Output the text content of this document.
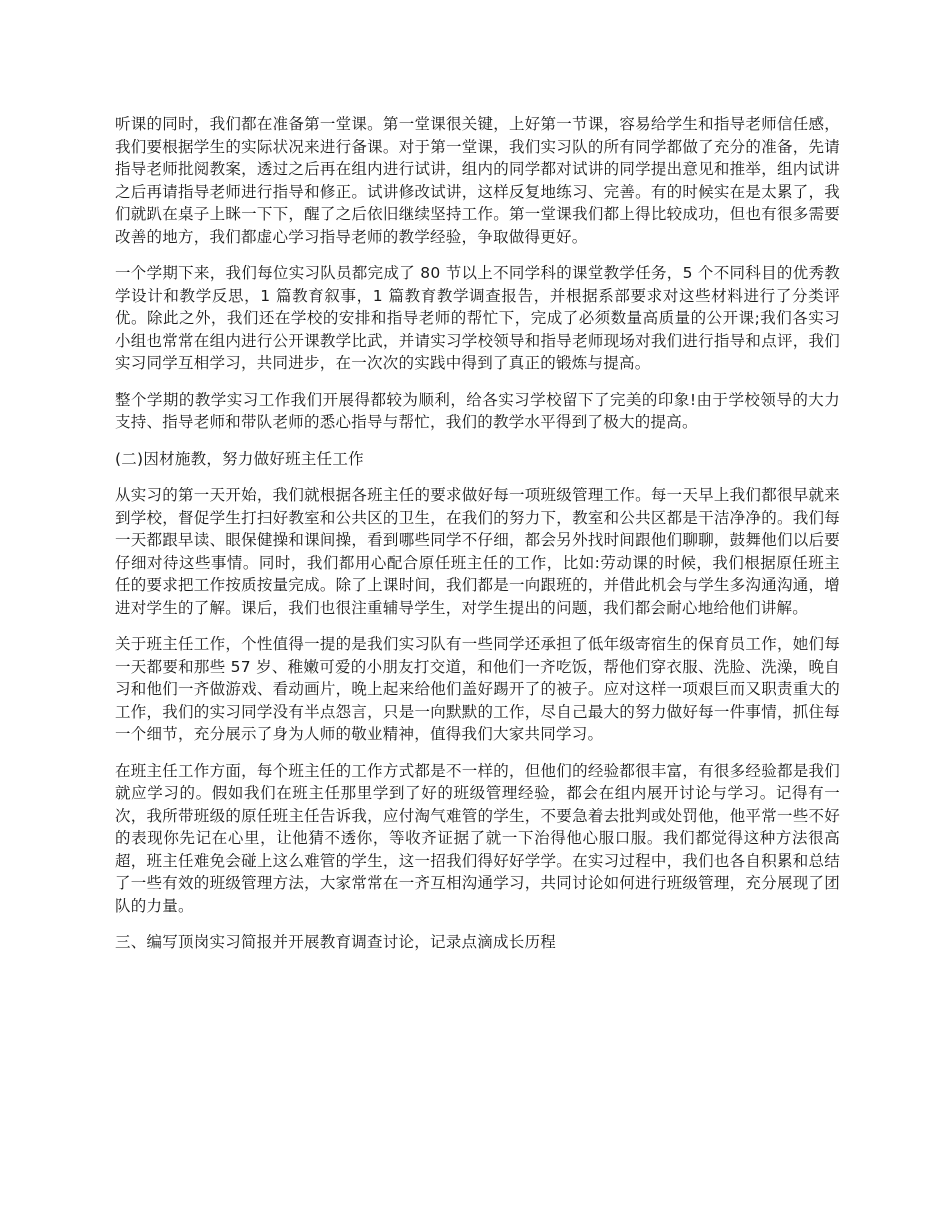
听课的同时，我们都在准备第一堂课。第一堂课很关键，上好第一节课，容易给学生和指导老师信任感，我们要根据学生的实际状况来进行备课。对于第一堂课，我们实习队的所有同学都做了充分的准备，先请指导老师批阅教案，透过之后再在组内进行试讲，组内的同学都对试讲的同学提出意见和推举，组内试讲之后再请指导老师进行指导和修正。试讲修改试讲，这样反复地练习、完善。有的时候实在是太累了，我们就趴在桌子上眯一下下，醒了之后依旧继续坚持工作。第一堂课我们都上得比较成功，但也有很多需要改善的地方，我们都虚心学习指导老师的教学经验，争取做得更好。

一个学期下来，我们每位实习队员都完成了 80 节以上不同学科的课堂教学任务，5 个不同科目的优秀教学设计和教学反思，1 篇教育叙事，1 篇教育教学调查报告，并根据系部要求对这些材料进行了分类评优。除此之外，我们还在学校的安排和指导老师的帮忙下，完成了必须数量高质量的公开课;我们各实习小组也常常在组内进行公开课教学比武，并请实习学校领导和指导老师现场对我们进行指导和点评，我们实习同学互相学习，共同进步，在一次次的实践中得到了真正的锻炼与提高。

整个学期的教学实习工作我们开展得都较为顺利，给各实习学校留下了完美的印象!由于学校领导的大力支持、指导老师和带队老师的悉心指导与帮忙，我们的教学水平得到了极大的提高。

(二)因材施教，努力做好班主任工作

从实习的第一天开始，我们就根据各班主任的要求做好每一项班级管理工作。每一天早上我们都很早就来到学校，督促学生打扫好教室和公共区的卫生，在我们的努力下，教室和公共区都是干洁净净的。我们每一天都跟早读、眼保健操和课间操，看到哪些同学不仔细，都会另外找时间跟他们聊聊，鼓舞他们以后要仔细对待这些事情。同时，我们都用心配合原任班主任的工作，比如:劳动课的时候，我们根据原任班主任的要求把工作按质按量完成。除了上课时间，我们都是一向跟班的，并借此机会与学生多沟通沟通，增进对学生的了解。课后，我们也很注重辅导学生，对学生提出的问题，我们都会耐心地给他们讲解。

关于班主任工作，个性值得一提的是我们实习队有一些同学还承担了低年级寄宿生的保育员工作，她们每一天都要和那些 57 岁、稚嫩可爱的小朋友打交道，和他们一齐吃饭，帮他们穿衣服、洗脸、洗澡，晚自习和他们一齐做游戏、看动画片，晚上起来给他们盖好踢开了的被子。应对这样一项艰巨而又职责重大的工作，我们的实习同学没有半点怨言，只是一向默默的工作，尽自己最大的努力做好每一件事情，抓住每一个细节，充分展示了身为人师的敬业精神，值得我们大家共同学习。

在班主任工作方面，每个班主任的工作方式都是不一样的，但他们的经验都很丰富，有很多经验都是我们就应学习的。假如我们在班主任那里学到了好的班级管理经验，都会在组内展开讨论与学习。记得有一次，我所带班级的原任班主任告诉我，应付淘气难管的学生，不要急着去批判或处罚他，他平常一些不好的表现你先记在心里，让他猜不透你，等收齐证据了就一下治得他心服口服。我们都觉得这种方法很高超，班主任难免会碰上这么难管的学生，这一招我们得好好学学。在实习过程中，我们也各自积累和总结了一些有效的班级管理方法，大家常常在一齐互相沟通学习，共同讨论如何进行班级管理，充分展现了团队的力量。

三、编写顶岗实习简报并开展教育调查讨论，记录点滴成长历程
